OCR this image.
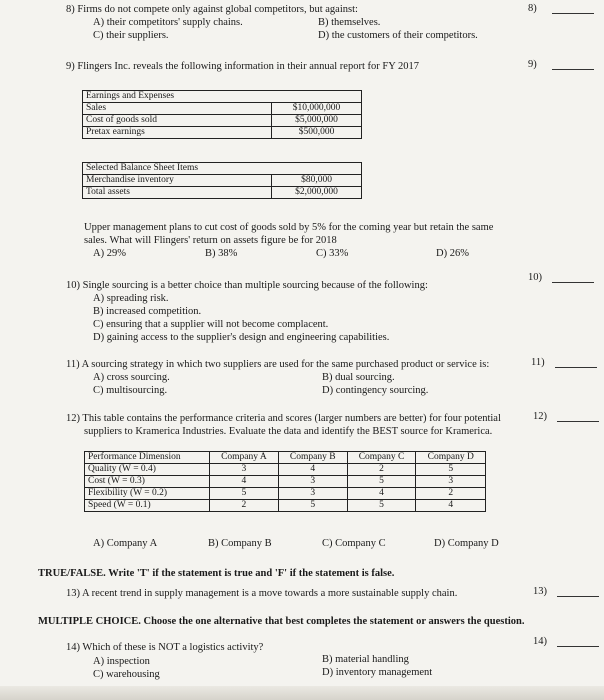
8) Firms do not compete only against global competitors, but against:	8)
A) their competitors' supply chains.	B) themselves.
C) their suppliers.	D) the customers of their competitors.
9) Flingers Inc. reveals the following information in their annual report for FY 2017	9)
Earnings and Expenses	
Sales	$10,000,000
Cost of goods sold	$5,000,000
Pretax earnings	$500,000
Selected Balance Sheet Items	
Merchandise inventory	$80,000
Total assets	$2,000,000
Upper management plans to cut cost of goods sold by 5% for the coming year but retain the same
sales. What will Flingers' return on assets figure be for 2018
A) 29%	B) 38%	C) 33%	D) 26%
10) Single sourcing is a better choice than multiple sourcing because of the following:
10)
A) spreading risk.
B) increased competition.
C) ensuring that a supplier will not become complacent.
D) gaining access to the supplier's design and engineering capabilities.
11) A sourcing strategy in which two suppliers are used for the same purchased product or service is:	11)
A) cross sourcing.	B) dual sourcing.
C) multisourcing.	D) contingency sourcing.
12) This table contains the performance criteria and scores (larger numbers are better) for four potential
suppliers to Kramerica Industries. Evaluate the data and identify the BEST source for Kramerica.
12)
Performance Dimension	Company A	Company B	Company C	Company D
Quality (W = 0.4)	3	4	2	5
Cost (W = 0.3)	4	3	5	3
Flexibility (W = 0.2)	5	3	4	2
Speed (W = 0.1)	2	5	5	4
A) Company A	B) Company B	C) Company C	D) Company D
TRUE/FALSE. Write 'T' if the statement is true and 'F' if the statement is false.
13) A recent trend in supply management is a move towards a more sustainable supply chain.	13)
MULTIPLE CHOICE. Choose the one alternative that best completes the statement or answers the question.
14) Which of these is NOT a logistics activity?
14)
A) inspection	B) material handling
C) warehousing	D) inventory management
